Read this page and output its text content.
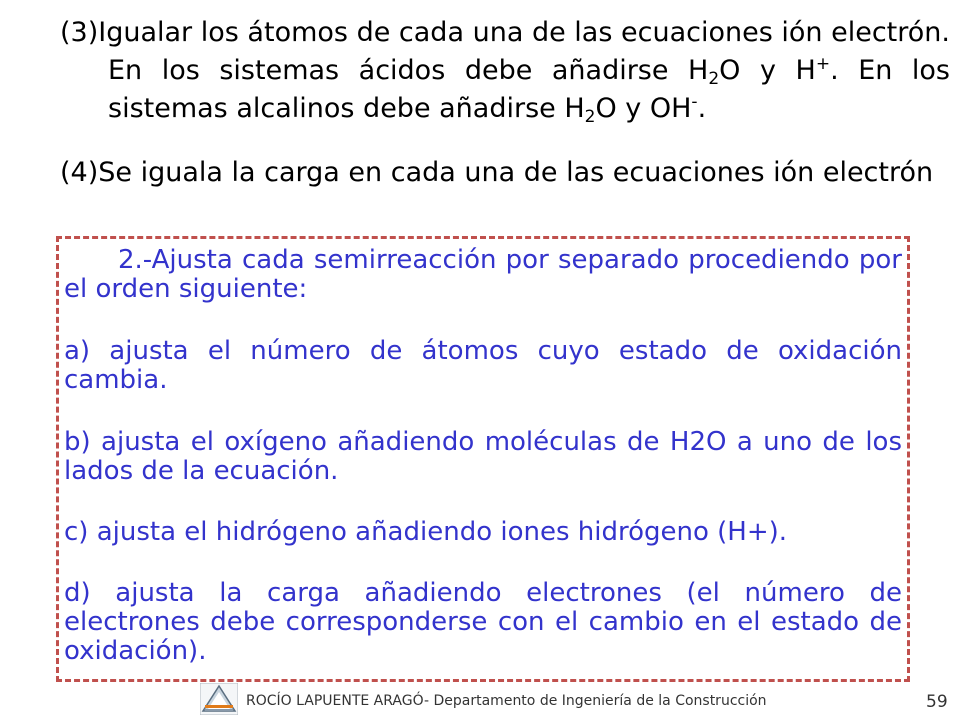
(3)Igualar los átomos de cada una de las ecuaciones ión electrón. En los sistemas ácidos debe añadirse $H_2O$ y H+. En los sistemas alcalinos debe añadirse $H_2O$ y OH-.
(4)Se iguala la carga en cada una de las ecuaciones ión electrón
2.-Ajusta cada semirreacción por separado procediendo por el orden siguiente:
a) ajusta el número de átomos cuyo estado de oxidación cambia.
b) ajusta el oxígeno añadiendo moléculas de H2O a uno de los lados de la ecuación.
c) ajusta el hidrógeno añadiendo iones hidrógeno (H+).
d) ajusta la carga añadiendo electrones (el número de electrones debe corresponderse con el cambio en el estado de oxidación).
ROCÍO LAPUENTE ARAGÓ- Departamento de Ingeniería de la Construcción	59
